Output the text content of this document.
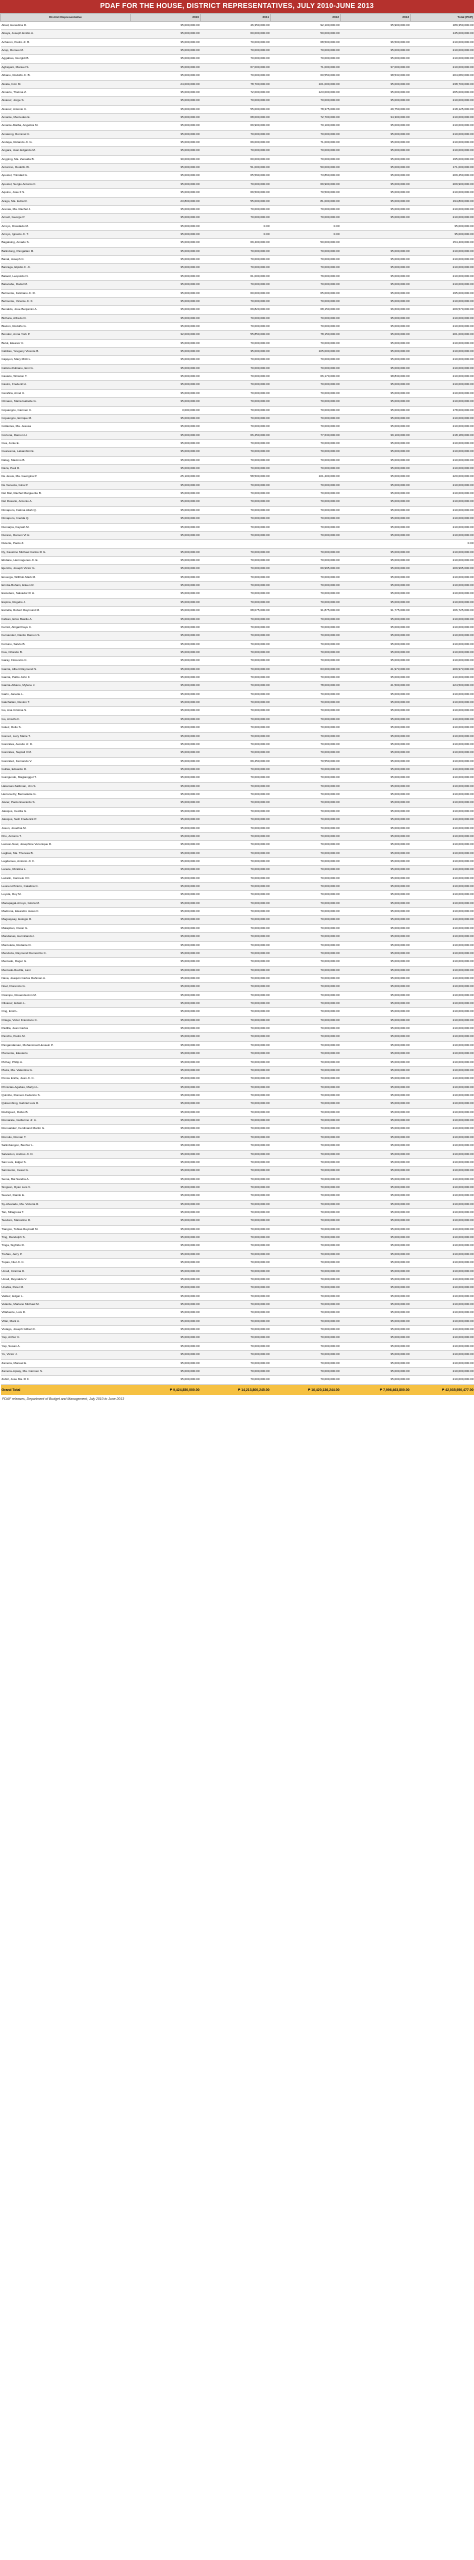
PDAF FOR THE HOUSE, DISTRICT REPRESENTATIVES, JULY 2010-JUNE 2013
District Representative	2010	2011	2012	2013	Total (PhP)
Abad, Henedina R.	35,000,000.00	46,350,000.00	92,100,000.00	35,900,000.00	189,350,000.00
Abaya, Joseph Emilio A.	35,000,000.00	60,000,000.00	50,000,000.00		145,000,000.00
Acharon, Pedro Jr. B.	35,000,000.00	70,000,000.00	68,500,000.00	36,500,000.00	210,000,000.00
Acop, Romeo M.	35,000,000.00	70,000,000.00	70,000,000.00	35,000,000.00	210,000,000.00
Aggabao, Giorgidi B.	35,000,000.00	70,000,000.00	70,000,000.00	35,000,000.00	210,000,000.00
Agbayani, Manuel S.	35,000,000.00	67,000,000.00	71,000,000.00	37,000,000.00	210,000,000.00
Albano, Rodolfo Jr. B.	35,000,000.00	70,000,000.00	60,550,000.00	38,533,000.00	204,083,000.00
Alcala, Irvin M.	24,000,000.00	78,700,000.00	101,000,000.00	35,000,000.00	238,700,000.00
Almario, Thelma Z.	35,000,000.00	72,000,000.00	123,000,000.00	35,000,000.00	265,000,000.00
Alvarez, Jorge S.	35,000,000.00	70,000,000.00	70,000,000.00	35,000,000.00	210,000,000.00
Alvarez, Antonio C.	35,000,000.00	55,000,000.00	78,375,000.00	49,750,000.00	218,125,000.00
Amante, Mercedes E.	35,000,000.00	68,000,000.00	72,700,000.00	34,300,000.00	210,000,000.00
Amante-Matba, Angelica M.	35,000,000.00	69,900,000.00	70,100,000.00	35,000,000.00	210,000,000.00
Amatong, Rommel C.	35,000,000.00	70,000,000.00	70,000,000.00	35,000,000.00	210,000,000.00
Andaya, Rolando Jr. G.	35,000,000.00	69,000,000.00	71,000,000.00	35,000,000.00	210,000,000.00
Angara, Juan Edgardo M.	35,000,000.00	70,000,000.00	70,000,000.00	35,000,000.00	210,000,000.00
Angping, Ma. Zenaida B.	30,000,000.00	60,000,000.00	70,000,000.00	35,000,000.00	195,000,000.00
Antonino, Rodolfo W.	35,000,000.00	51,000,000.00	50,000,000.00	35,000,000.00	171,000,000.00
Apostol, Trinidad G.	35,000,000.00	65,590,000.00	73,860,000.00	35,000,000.00	209,450,000.00
Apostol, Sergio Antonio F.	35,000,000.00	70,000,000.00	69,900,000.00	35,000,000.00	209,900,000.00
Aquino, Jose II S.	35,000,000.00	69,500,000.00	70,500,000.00	35,000,000.00	210,000,000.00
Arago, Ma. Evita R.	23,800,000.00	55,000,000.00	81,000,000.00	35,000,000.00	194,800,000.00
Arenas, Ma. Rachel J.	35,000,000.00	70,000,000.00	70,000,000.00	35,000,000.00	210,000,000.00
Arnaiz, George P.	35,000,000.00	70,000,000.00	70,000,000.00	35,000,000.00	210,000,000.00
Arroyo, Diosdado M.	35,000,000.00	0.00	0.00		35,000,000.00
Arroyo, Ignacio Jr. T.	35,000,000.00	0.00	0.00		35,000,000.00
Bagatsing, Amado S.	35,000,000.00	69,400,000.00	50,000,000.00		154,400,000.00
Balindong, Pangalian M.	35,000,000.00	70,000,000.00	70,000,000.00	35,000,000.00	210,000,000.00
Banal, Joseph C.	35,000,000.00	70,000,000.00	70,000,000.00	35,000,000.00	210,000,000.00
Barzaga, Elpidio F. Jr.	35,000,000.00	70,000,000.00	70,000,000.00	35,000,000.00	210,000,000.00
Bataoil, Leopoldo N.	35,000,000.00	61,000,000.00	79,000,000.00	35,000,000.00	210,000,000.00
Batocabe, Rodel M.	35,000,000.00	70,000,000.00	70,000,000.00	35,000,000.00	210,000,000.00
Belmonte, Feliciano Jr. R.	35,000,000.00	60,000,000.00	65,000,000.00	35,000,000.00	195,000,000.00
Belmonte, Vicente Jr. F.	35,000,000.00	70,000,000.00	70,000,000.00	35,000,000.00	210,000,000.00
Benaldo, Jose Benjamin A.	35,000,000.00	69,820,000.00	68,150,000.00	36,600,000.00	209,570,000.00
Bichara, Alfredo D.	35,000,000.00	70,000,000.00	70,000,000.00	35,000,000.00	210,000,000.00
Biazon, Rodolfo G.	35,000,000.00	70,000,000.00	70,000,000.00	35,000,000.00	210,000,000.00
Bondoc, Anna York P.	32,000,000.00	55,850,000.00	78,150,000.00	35,000,000.00	201,000,000.00
Bulut, Eleanor C.	35,000,000.00	70,000,000.00	70,000,000.00	35,000,000.00	210,000,000.00
Cabilao, Yevgeny Vicente B.	35,000,000.00	35,000,000.00	105,000,000.00	35,000,000.00	210,000,000.00
Cajayon, Mary Mitzi L.	35,000,000.00	70,000,000.00	70,000,000.00	35,000,000.00	210,000,000.00
Calixto-Rubiano, Emi G.	35,000,000.00	70,000,000.00	70,000,000.00	35,000,000.00	210,000,000.00
Castelo, Winston T.	35,000,000.00	70,000,000.00	66,170,000.00	38,830,000.00	210,000,000.00
Castro, Fredenil H.	35,000,000.00	70,000,000.00	70,000,000.00	35,000,000.00	210,000,000.00
Cerafica, Arnel U.	35,000,000.00	70,000,000.00	70,000,000.00	35,000,000.00	210,000,000.00
Climaco, Maria Isabelle G.	35,000,000.00	70,000,000.00	70,000,000.00	35,000,000.00	210,000,000.00
Cojuangco, Carmen C.	3,000,000.00	70,000,000.00	70,000,000.00	35,000,000.00	178,000,000.00
Cojuangco, Enrique M.	35,000,000.00	70,000,000.00	70,000,000.00	35,000,000.00	210,000,000.00
Collantes, Ma. Jesusa	35,000,000.00	70,000,000.00	70,000,000.00	35,000,000.00	210,000,000.00
Cortuna, Ramon H.	35,000,000.00	66,450,000.00	77,630,000.00	39,100,000.00	218,180,000.00
Cua, Junie E.	35,000,000.00	70,000,000.00	70,000,000.00	35,000,000.00	210,000,000.00
Cuaresma, Lakambini E.	35,000,000.00	70,000,000.00	70,000,000.00	35,000,000.00	210,000,000.00
Dalog, Maximo B.	35,000,000.00	70,000,000.00	70,000,000.00	35,000,000.00	210,000,000.00
Daza, Paul R.	35,000,000.00	70,000,000.00	70,000,000.00	35,000,000.00	210,000,000.00
De Jesus, Ma. Georgina P.	25,100,000.00	58,500,000.00	101,400,000.00	35,000,000.00	220,000,000.00
De Venecia, Gina P.	35,000,000.00	70,000,000.00	70,000,000.00	35,000,000.00	210,000,000.00
Del Mar, Rachel Marguerite B.	35,000,000.00	70,000,000.00	70,000,000.00	35,000,000.00	210,000,000.00
Del Rosario, Antonio A.	35,000,000.00	70,000,000.00	70,000,000.00	35,000,000.00	210,000,000.00
Dimaporo, Fatima Aliah Q.	35,000,000.00	70,000,000.00	70,000,000.00	35,000,000.00	210,000,000.00
Dimaporo, Imelda Q.	35,000,000.00	70,000,000.00	70,000,000.00	35,000,000.00	210,000,000.00
Dumarpa, Faysah M.	35,000,000.00	70,000,000.00	70,000,000.00	35,000,000.00	210,000,000.00
Durano, Ramon VI H.	35,000,000.00	70,000,000.00	70,000,000.00	35,000,000.00	210,000,000.00
Duterte, Paolo Z.					0.00
Dy, Faustino Michael Carlos III G.	35,000,000.00	70,000,000.00	70,000,000.00	35,000,000.00	210,000,000.00
Ebdane, Hermogenes Jr. E.	35,000,000.00	70,000,000.00	70,000,000.00	35,000,000.00	210,000,000.00
Ejercito, Joseph Victor G.	35,000,000.00	70,000,000.00	69,995,000.00	35,000,000.00	209,995,000.00
Enverga, Wilfrido Mark M.	35,000,000.00	70,000,000.00	70,000,000.00	35,000,000.00	210,000,000.00
Ermita-Buhain, Eileen R.	35,000,000.00	70,000,000.00	70,000,000.00	35,000,000.00	210,000,000.00
Escudero, Salvador III H.	35,000,000.00	70,000,000.00	70,000,000.00	35,000,000.00	210,000,000.00
Espina, Rogelio J.	35,000,000.00	70,000,000.00	70,000,000.00	35,000,000.00	210,000,000.00
Estrella, Robert Raymund M.	35,000,000.00	68,075,000.00	31,875,000.00	31,775,000.00	166,725,000.00
Fabian, Erico Basilio A.	35,000,000.00	70,000,000.00	70,000,000.00	35,000,000.00	210,000,000.00
Ferriol, Abigail Faye C.	35,000,000.00	70,000,000.00	70,000,000.00	35,000,000.00	210,000,000.00
Fernandez, Danilo Ramon S.	35,000,000.00	70,000,000.00	70,000,000.00	35,000,000.00	210,000,000.00
Fortuno, Salvio B.	35,000,000.00	70,000,000.00	70,000,000.00	35,000,000.00	210,000,000.00
Fua, Orlando B.	35,000,000.00	70,000,000.00	70,000,000.00	35,000,000.00	210,000,000.00
Garay, Florencio C.	35,000,000.00	70,000,000.00	70,000,000.00	35,000,000.00	210,000,000.00
Garcia, Albert Raymond S.	35,000,000.00	70,000,000.00	63,000,000.00	41,973,000.00	209,973,000.00
Garcia, Pablo John F.	35,000,000.00	70,000,000.00	70,000,000.00	35,000,000.00	210,000,000.00
Garcia-Albano, Mylene J.	35,000,000.00	70,000,000.00	78,000,000.00	41,500,000.00	224,500,000.00
Garin, Janette L.	35,000,000.00	70,000,000.00	70,000,000.00	35,000,000.00	210,000,000.00
Gatchalian, Rexlon T.	35,000,000.00	70,000,000.00	70,000,000.00	35,000,000.00	210,000,000.00
Go, Ana Cristina S.	35,000,000.00	70,000,000.00	70,000,000.00	35,000,000.00	210,000,000.00
Go, Arnulfo F.	35,000,000.00	70,000,000.00	70,000,000.00	35,000,000.00	210,000,000.00
Golez, Roilo S.	35,000,000.00	70,000,000.00	70,000,000.00	35,000,000.00	210,000,000.00
Gomez, Lucy Marie T.	35,000,000.00	70,000,000.00	70,000,000.00	35,000,000.00	210,000,000.00
Gonzales, Aurelio Jr. D.	35,000,000.00	70,000,000.00	70,000,000.00	35,000,000.00	210,000,000.00
Gonzales, Neptali II M.	35,000,000.00	70,000,000.00	70,000,000.00	35,000,000.00	210,000,000.00
Gonzalez, Fernando V.	35,000,000.00	69,450,000.00	70,550,000.00	35,000,000.00	210,000,000.00
Gullas, Eduardo R.	35,000,000.00	70,000,000.00	70,000,000.00	35,000,000.00	210,000,000.00
Gunigundo, Magtanggol T.	35,000,000.00	70,000,000.00	70,000,000.00	35,000,000.00	210,000,000.00
Hataman-Salliman, Jim S.	35,000,000.00	70,000,000.00	70,000,000.00	35,000,000.00	210,000,000.00
Herrera-Dy, Bernadette G.	35,000,000.00	70,000,000.00	70,000,000.00	35,000,000.00	210,000,000.00
Javier, Paolo Everardo S.	35,000,000.00	70,000,000.00	70,000,000.00	35,000,000.00	210,000,000.00
Jalosjos, Cecilia G.	35,000,000.00	70,000,000.00	70,000,000.00	35,000,000.00	210,000,000.00
Jalosjos, Seth Frederick P.	35,000,000.00	70,000,000.00	70,000,000.00	35,000,000.00	210,000,000.00
Joson, Josefina M.	35,000,000.00	70,000,000.00	70,000,000.00	35,000,000.00	210,000,000.00
Kho, Antonio T.	35,000,000.00	70,000,000.00	70,000,000.00	35,000,000.00	210,000,000.00
Lacson-Noel, Josephine Veronique R.	35,000,000.00	70,000,000.00	70,000,000.00	35,000,000.00	210,000,000.00
Lagbas, Ma. Theresa B.	35,000,000.00	70,000,000.00	70,000,000.00	35,000,000.00	210,000,000.00
Lagdameo, Antonio Jr. F.	35,000,000.00	70,000,000.00	70,000,000.00	35,000,000.00	210,000,000.00
Lanete, Rizalina L.	35,000,000.00	70,000,000.00	70,000,000.00	35,000,000.00	210,000,000.00
Lazatin, Carmelo II F.	35,000,000.00	70,000,000.00	70,000,000.00	35,000,000.00	210,000,000.00
Leonen-Pizarro, Catalina C.	35,000,000.00	70,000,000.00	70,000,000.00	35,000,000.00	210,000,000.00
Loyola, Roy M.	35,000,000.00	70,000,000.00	70,000,000.00	35,000,000.00	210,000,000.00
Macapagal-Arroyo, Gloria M.	35,000,000.00	70,000,000.00	70,000,000.00	35,000,000.00	210,000,000.00
Madrona, Eleandro Jesus F.	35,000,000.00	70,000,000.00	70,000,000.00	35,000,000.00	210,000,000.00
Magsaysay, Eulogio R.	35,000,000.00	70,000,000.00	70,000,000.00	35,000,000.00	210,000,000.00
Malapitan, Oscar G.	35,000,000.00	70,000,000.00	70,000,000.00	35,000,000.00	210,000,000.00
Mandanas, Hermilando I.	35,000,000.00	70,000,000.00	70,000,000.00	35,000,000.00	210,000,000.00
Marcoleta, Rodante D.	35,000,000.00	70,000,000.00	70,000,000.00	35,000,000.00	210,000,000.00
Mendoza, Raymond Democrito C.	35,000,000.00	70,000,000.00	70,000,000.00	35,000,000.00	210,000,000.00
Mercado, Roger G.	35,000,000.00	70,000,000.00	70,000,000.00	35,000,000.00	210,000,000.00
Mercado-Revilla, Lani	35,000,000.00	70,000,000.00	70,000,000.00	35,000,000.00	210,000,000.00
Nava, Joaquin Carlos Rahman A.	35,000,000.00	70,000,000.00	70,000,000.00	35,000,000.00	210,000,000.00
Noel, Florencio G.	35,000,000.00	70,000,000.00	70,000,000.00	35,000,000.00	210,000,000.00
Ocampo, Rosenda Ann M.	35,000,000.00	70,000,000.00	70,000,000.00	35,000,000.00	210,000,000.00
Olivarez, Edwin L.	35,000,000.00	70,000,000.00	70,000,000.00	35,000,000.00	210,000,000.00
Ong, Emil L.	35,000,000.00	70,000,000.00	70,000,000.00	35,000,000.00	210,000,000.00
Ortega, Victor Francisco C.	35,000,000.00	70,000,000.00	70,000,000.00	35,000,000.00	210,000,000.00
Padilla, Juan Carlos	35,000,000.00	70,000,000.00	70,000,000.00	35,000,000.00	210,000,000.00
Pancho, Pedro M.	35,000,000.00	70,000,000.00	70,000,000.00	35,000,000.00	210,000,000.00
Pangandaman, Mohammad Hussein P.	35,000,000.00	70,000,000.00	70,000,000.00	35,000,000.00	210,000,000.00
Piamonte, Eleuterio	35,000,000.00	70,000,000.00	70,000,000.00	35,000,000.00	210,000,000.00
Pichay, Philip A.	35,000,000.00	70,000,000.00	70,000,000.00	35,000,000.00	210,000,000.00
Plaza, Ma. Valentina G.	35,000,000.00	70,000,000.00	70,000,000.00	35,000,000.00	210,000,000.00
Ponce Enrile, Juan Jr. C.	35,000,000.00	70,000,000.00	70,000,000.00	35,000,000.00	210,000,000.00
Primicias-Agabas, Marlyn L.	35,000,000.00	70,000,000.00	70,000,000.00	35,000,000.00	210,000,000.00
Quimbo, Romero Federico S.	35,000,000.00	70,000,000.00	70,000,000.00	35,000,000.00	210,000,000.00
Quisumbing, Gabriel Luis R.	35,000,000.00	70,000,000.00	70,000,000.00	35,000,000.00	210,000,000.00
Rodriguez, Rufus B.	35,000,000.00	70,000,000.00	70,000,000.00	35,000,000.00	210,000,000.00
Romarate, Guillermo Jr. A.	35,000,000.00	70,000,000.00	70,000,000.00	35,000,000.00	210,000,000.00
Romualdez, Ferdinand Martin G.	35,000,000.00	70,000,000.00	70,000,000.00	35,000,000.00	210,000,000.00
Romulo, Roman T.	35,000,000.00	70,000,000.00	70,000,000.00	35,000,000.00	210,000,000.00
Salimbangon, Benhur L.	35,000,000.00	70,000,000.00	70,000,000.00	35,000,000.00	210,000,000.00
Salvacion, Andres Jr. D.	35,000,000.00	70,000,000.00	70,000,000.00	35,000,000.00	210,000,000.00
San Luis, Edgar S.	35,000,000.00	70,000,000.00	70,000,000.00	35,000,000.00	210,000,000.00
Sarmiento, Cesar G.	35,000,000.00	70,000,000.00	70,000,000.00	35,000,000.00	210,000,000.00
Sema, Bai Sandra A.	35,000,000.00	70,000,000.00	70,000,000.00	35,000,000.00	210,000,000.00
Singson, Ryan Luis V.	35,000,000.00	70,000,000.00	70,000,000.00	35,000,000.00	210,000,000.00
Suarez, Danilo E.	35,000,000.00	70,000,000.00	70,000,000.00	35,000,000.00	210,000,000.00
Sy-Alvarado, Ma. Victoria R.	35,000,000.00	70,000,000.00	70,000,000.00	35,000,000.00	210,000,000.00
Tan, Milagrosa T.	35,000,000.00	70,000,000.00	70,000,000.00	35,000,000.00	210,000,000.00
Teodoro, Marcelino R.	35,000,000.00	70,000,000.00	70,000,000.00	35,000,000.00	210,000,000.00
Tiangco, Tobias Reynald M.	35,000,000.00	70,000,000.00	70,000,000.00	35,000,000.00	210,000,000.00
Ting, Randolph S.	35,000,000.00	70,000,000.00	70,000,000.00	35,000,000.00	210,000,000.00
Tinga, Sigfrido R.	35,000,000.00	70,000,000.00	70,000,000.00	35,000,000.00	210,000,000.00
Treñas, Jerry P.	35,000,000.00	70,000,000.00	70,000,000.00	35,000,000.00	210,000,000.00
Tupas, Niel Jr. C.	35,000,000.00	70,000,000.00	70,000,000.00	35,000,000.00	210,000,000.00
Umali, Czarina D.	35,000,000.00	70,000,000.00	70,000,000.00	35,000,000.00	210,000,000.00
Umali, Reynaldo V.	35,000,000.00	70,000,000.00	70,000,000.00	35,000,000.00	210,000,000.00
Unabia, Peter M.	35,000,000.00	70,000,000.00	70,000,000.00	35,000,000.00	210,000,000.00
Valdez, Edgar L.	35,000,000.00	70,000,000.00	70,000,000.00	35,000,000.00	210,000,000.00
Velarde, Mariano Michael M.	35,000,000.00	70,000,000.00	70,000,000.00	35,000,000.00	210,000,000.00
Villafuerte, Luis R.	35,000,000.00	70,000,000.00	70,000,000.00	35,000,000.00	210,000,000.00
Villar, Mark A.	35,000,000.00	70,000,000.00	70,000,000.00	35,000,000.00	210,000,000.00
Violago, Joseph Gilbert F.	35,000,000.00	70,000,000.00	70,000,000.00	35,000,000.00	210,000,000.00
Yap, Arthur C.	35,000,000.00	70,000,000.00	70,000,000.00	35,000,000.00	210,000,000.00
Yap, Susan A.	35,000,000.00	70,000,000.00	70,000,000.00	35,000,000.00	210,000,000.00
Yu, Victor J.	35,000,000.00	70,000,000.00	70,000,000.00	35,000,000.00	210,000,000.00
Zamora, Manuel E.	35,000,000.00	70,000,000.00	70,000,000.00	35,000,000.00	210,000,000.00
Zamora-Apsay, Ma. Carmen S.	35,000,000.00	70,000,000.00	70,000,000.00	35,000,000.00	210,000,000.00
Zubiri, Jose Ma. III F.	35,000,000.00	70,000,000.00	70,000,000.00	35,000,000.00	210,000,000.00
Grand Total	₱ 9,424,850,000.00	₱ 14,213,800,245.00	₱ 16,420,136,244.00	₱ 7,996,463,800.00	₱ 42,035,950,477.00
PDAF releases, Department of Budget and Management, July 2010 to June 2013
